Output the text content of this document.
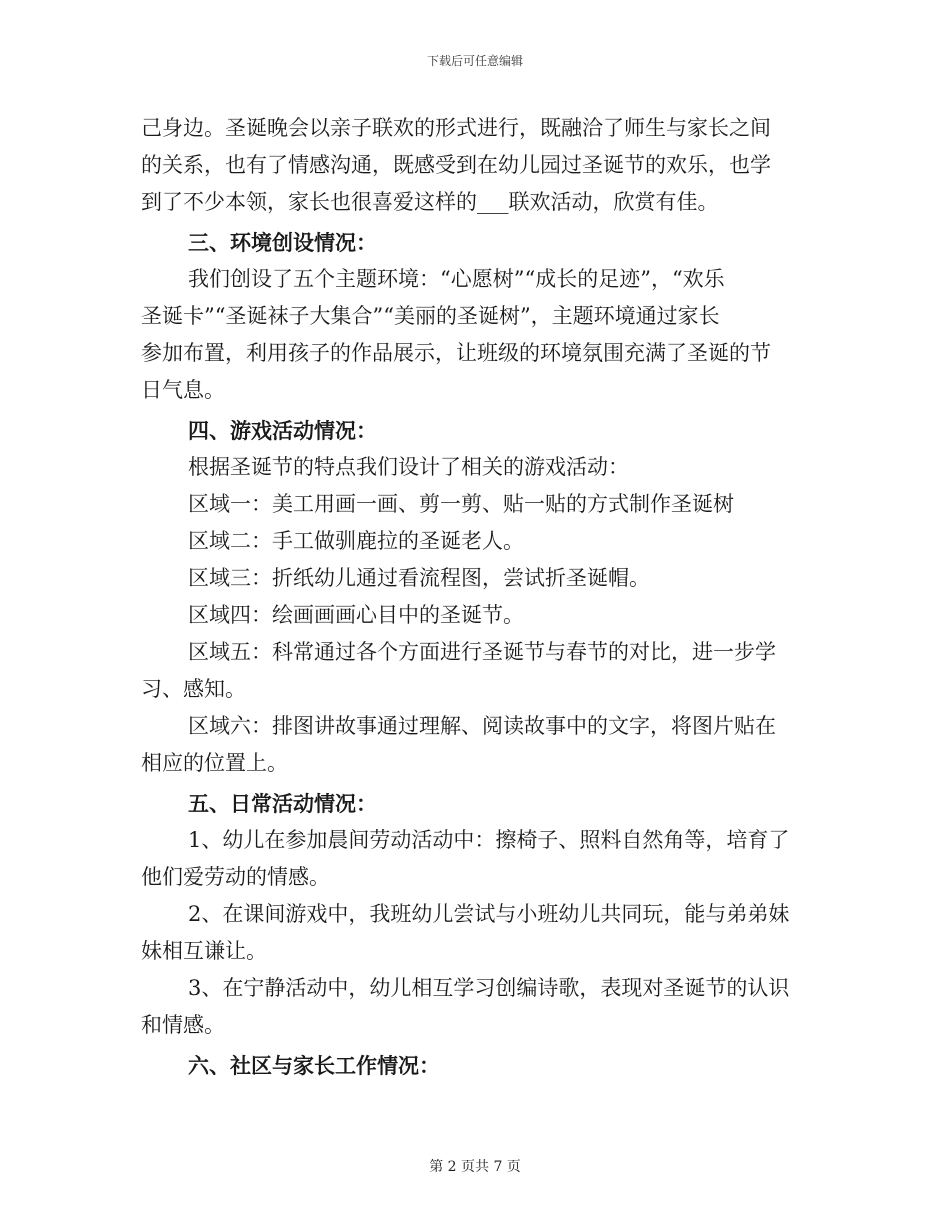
下载后可任意编辑

己身边。圣诞晚会以亲子联欢的形式进行，既融洽了师生与家长之间

的关系，也有了情感沟通，既感受到在幼儿园过圣诞节的欢乐，也学

到了不少本领，家长也很喜爱这样的___联欢活动，欣赏有佳。

三、环境创设情况：

我们创设了五个主题环境：“心愿树”“成长的足迹”，“欢乐

圣诞卡”“圣诞袜子大集合”“美丽的圣诞树”，主题环境通过家长

参加布置，利用孩子的作品展示，让班级的环境氛围充满了圣诞的节

日气息。

四、游戏活动情况：

根据圣诞节的特点我们设计了相关的游戏活动：

区域一：美工用画一画、剪一剪、贴一贴的方式制作圣诞树

区域二：手工做驯鹿拉的圣诞老人。

区域三：折纸幼儿通过看流程图，尝试折圣诞帽。

区域四：绘画画画心目中的圣诞节。

区域五：科常通过各个方面进行圣诞节与春节的对比，进一步学

习、感知。

区域六：排图讲故事通过理解、阅读故事中的文字，将图片贴在

相应的位置上。

五、日常活动情况：

1、幼儿在参加晨间劳动活动中：擦椅子、照料自然角等，培育了

他们爱劳动的情感。

2、在课间游戏中，我班幼儿尝试与小班幼儿共同玩，能与弟弟妹

妹相互谦让。

3、在宁静活动中，幼儿相互学习创编诗歌，表现对圣诞节的认识

和情感。

六、社区与家长工作情况：

第 2 页共 7 页
